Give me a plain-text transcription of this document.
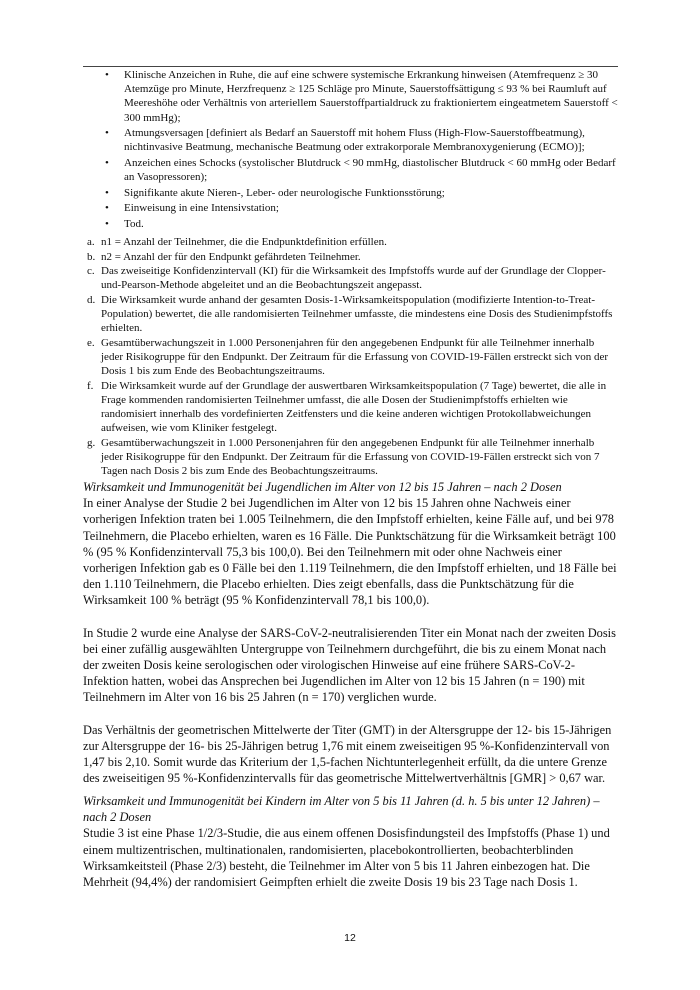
• Klinische Anzeichen in Ruhe, die auf eine schwere systemische Erkrankung hinweisen (Atemfrequenz ≥ 30 Atemzüge pro Minute, Herzfrequenz ≥ 125 Schläge pro Minute, Sauerstoffsättigung ≤ 93 % bei Raumluft auf Meereshöhe oder Verhältnis von arteriellem Sauerstoffpartialdruck zu fraktioniertem eingeatmetem Sauerstoff < 300 mmHg);
• Atmungsversagen [definiert als Bedarf an Sauerstoff mit hohem Fluss (High-Flow-Sauerstoffbeatmung), nichtinvasive Beatmung, mechanische Beatmung oder extrakorporale Membranoxygenierung (ECMO)];
• Anzeichen eines Schocks (systolischer Blutdruck < 90 mmHg, diastolischer Blutdruck < 60 mmHg oder Bedarf an Vasopressoren);
• Signifikante akute Nieren-, Leber- oder neurologische Funktionsstörung;
• Einweisung in eine Intensivstation;
• Tod.
a. n1 = Anzahl der Teilnehmer, die die Endpunktdefinition erfüllen.
b. n2 = Anzahl der für den Endpunkt gefährdeten Teilnehmer.
c. Das zweiseitige Konfidenzintervall (KI) für die Wirksamkeit des Impfstoffs wurde auf der Grundlage der Clopper-und-Pearson-Methode abgeleitet und an die Beobachtungszeit angepasst.
d. Die Wirksamkeit wurde anhand der gesamten Dosis-1-Wirksamkeitspopulation (modifizierte Intention-to-Treat-Population) bewertet, die alle randomisierten Teilnehmer umfasste, die mindestens eine Dosis des Studienimpfstoffs erhielten.
e. Gesamtüberwachungszeit in 1.000 Personenjahren für den angegebenen Endpunkt für alle Teilnehmer innerhalb jeder Risikogruppe für den Endpunkt. Der Zeitraum für die Erfassung von COVID-19-Fällen erstreckt sich von der Dosis 1 bis zum Ende des Beobachtungszeitraums.
f. Die Wirksamkeit wurde auf der Grundlage der auswertbaren Wirksamkeitspopulation (7 Tage) bewertet, die alle in Frage kommenden randomisierten Teilnehmer umfasst, die alle Dosen der Studienimpfstoffs erhielten wie randomisiert innerhalb des vordefinierten Zeitfensters und die keine anderen wichtigen Protokollabweichungen aufweisen, wie vom Kliniker festgelegt.
g. Gesamtüberwachungszeit in 1.000 Personenjahren für den angegebenen Endpunkt für alle Teilnehmer innerhalb jeder Risikogruppe für den Endpunkt. Der Zeitraum für die Erfassung von COVID-19-Fällen erstreckt sich von 7 Tagen nach Dosis 2 bis zum Ende des Beobachtungszeitraums.

Wirksamkeit und Immunogenität bei Jugendlichen im Alter von 12 bis 15 Jahren – nach 2 Dosen

In einer Analyse der Studie 2 bei Jugendlichen im Alter von 12 bis 15 Jahren ohne Nachweis einer vorherigen Infektion traten bei 1.005 Teilnehmern, die den Impfstoff erhielten, keine Fälle auf, und bei 978 Teilnehmern, die Placebo erhielten, waren es 16 Fälle. Die Punktschätzung für die Wirksamkeit beträgt 100 % (95 % Konfidenzintervall 75,3 bis 100,0). Bei den Teilnehmern mit oder ohne Nachweis einer vorherigen Infektion gab es 0 Fälle bei den 1.119 Teilnehmern, die den Impfstoff erhielten, und 18 Fälle bei den 1.110 Teilnehmern, die Placebo erhielten. Dies zeigt ebenfalls, dass die Punktschätzung für die Wirksamkeit 100 % beträgt (95 % Konfidenzintervall 78,1 bis 100,0).

In Studie 2 wurde eine Analyse der SARS-CoV-2-neutralisierenden Titer ein Monat nach der zweiten Dosis bei einer zufällig ausgewählten Untergruppe von Teilnehmern durchgeführt, die bis zu einem Monat nach der zweiten Dosis keine serologischen oder virologischen Hinweise auf eine frühere SARS-CoV-2-Infektion hatten, wobei das Ansprechen bei Jugendlichen im Alter von 12 bis 15 Jahren (n = 190) mit Teilnehmern im Alter von 16 bis 25 Jahren (n = 170) verglichen wurde.

Das Verhältnis der geometrischen Mittelwerte der Titer (GMT) in der Altersgruppe der 12- bis 15-Jährigen zur Altersgruppe der 16- bis 25-Jährigen betrug 1,76 mit einem zweiseitigen 95 %-Konfidenzintervall von 1,47 bis 2,10. Somit wurde das Kriterium der 1,5-fachen Nichtunterlegenheit erfüllt, da die untere Grenze des zweiseitigen 95 %-Konfidenzintervalls für das geometrische Mittelwertverhältnis [GMR] > 0,67 war.

Wirksamkeit und Immunogenität bei Kindern im Alter von 5 bis 11 Jahren (d. h. 5 bis unter 12 Jahren) – nach 2 Dosen

Studie 3 ist eine Phase 1/2/3-Studie, die aus einem offenen Dosisfindungsteil des Impfstoffs (Phase 1) und einem multizentrischen, multinationalen, randomisierten, placebokontrollierten, beobachterblinden Wirksamkeitsteil (Phase 2/3) besteht, die Teilnehmer im Alter von 5 bis 11 Jahren einbezogen hat. Die Mehrheit (94,4%) der randomisiert Geimpften erhielt die zweite Dosis 19 bis 23 Tage nach Dosis 1.

12
